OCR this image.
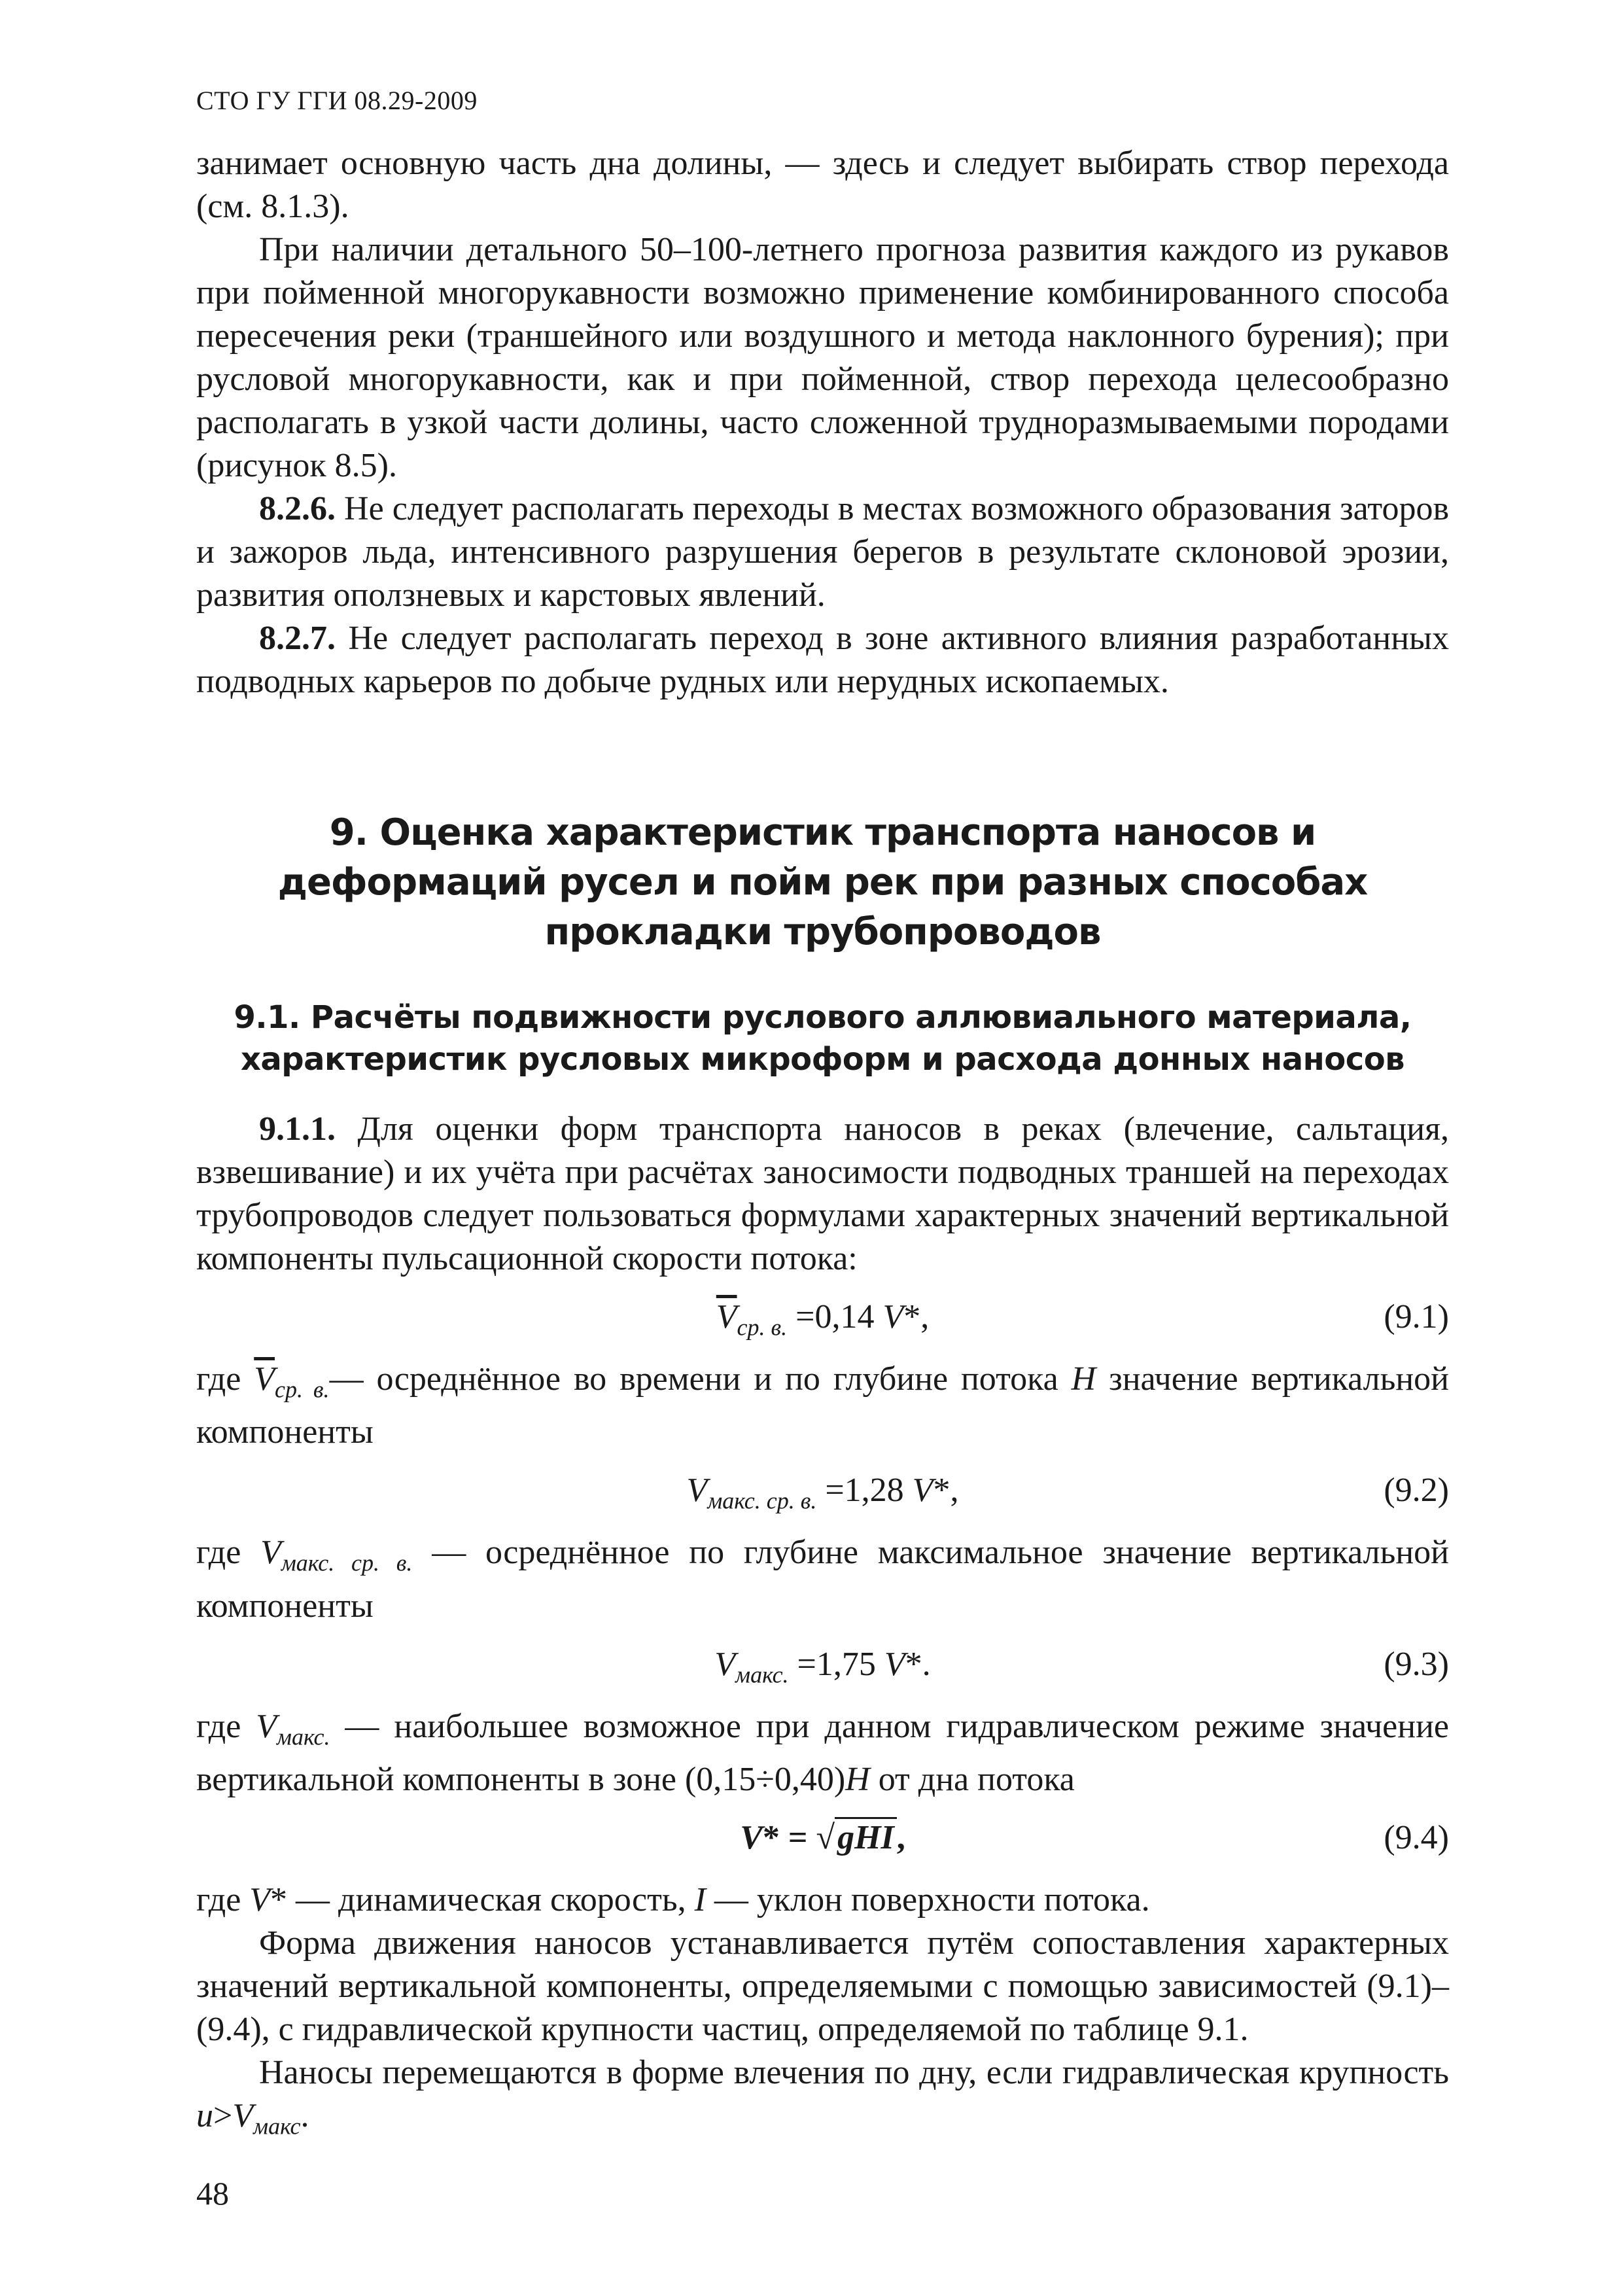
СТО ГУ ГГИ 08.29-2009

занимает основную часть дна долины, — здесь и следует выбирать створ перехода (см. 8.1.3).

При наличии детального 50–100-летнего прогноза развития каждого из рукавов при пойменной многорукавности возможно применение комбинированного способа пересечения реки (траншейного или воздушного и метода наклонного бурения); при русловой многорукавности, как и при пойменной, створ перехода целесообразно располагать в узкой части долины, часто сложенной трудноразмываемыми породами (рисунок 8.5).

8.2.6. Не следует располагать переходы в местах возможного образования заторов и зажоров льда, интенсивного разрушения берегов в результате склоновой эрозии, развития оползневых и карстовых явлений.

8.2.7. Не следует располагать переход в зоне активного влияния разработанных подводных карьеров по добыче рудных или нерудных ископаемых.

9. Оценка характеристик транспорта наносов и деформаций русел и пойм рек при разных способах прокладки трубопроводов
9.1. Расчёты подвижности руслового аллювиального материала, характеристик русловых микроформ и расхода донных наносов

9.1.1. Для оценки форм транспорта наносов в реках (влечение, сальтация, взвешивание) и их учёта при расчётах заносимости подводных траншей на переходах трубопроводов следует пользоваться формулами характерных значений вертикальной компоненты пульсационной скорости потока:

$\overline{V}_{ср. в.} =0,14$ V*,	(9.1)

где $\overline{V}_{ср. в.}—$ осреднённое во времени и по глубине потока H значение вертикальной компоненты

$V_{макс. ср. в.} =1,28$ V*,	(9.2)

где $V_{макс. ср. в.}$ — осреднённое по глубине максимальное значение вертикальной компоненты

$V_{макс.} =1,75$ V*.	(9.3)

где $V_{макс.}$ — наибольшее возможное при данном гидравлическом режиме значение вертикальной компоненты в зоне (0,15÷0,40)H от дна потока

V* = √gHI,	(9.4)

где V* — динамическая скорость, I — уклон поверхности потока.

Форма движения наносов устанавливается путём сопоставления характерных значений вертикальной компоненты, определяемыми с помощью зависимостей (9.1)–(9.4), с гидравлической крупности частиц, определяемой по таблице 9.1.

Наносы перемещаются в форме влечения по дну, если гидравлическая крупность $u>V_{макс}$.

48
